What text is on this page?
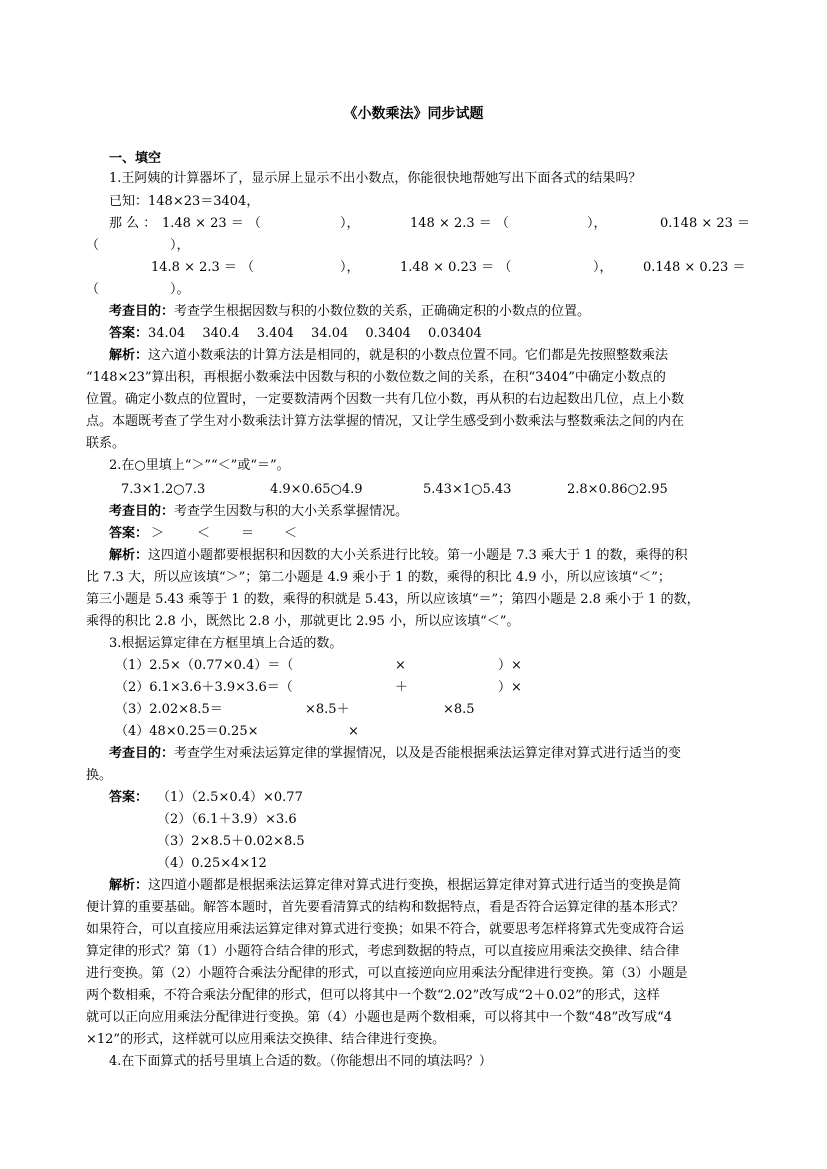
《小数乘法》同步试题
一、填空
1.王阿姨的计算器坏了，显示屏上显示不出小数点，你能很快地帮她写出下面各式的结果吗？
已知：148×23＝3404，
那 么 ： 1.48 × 23 ＝ （	），	148 × 2.3 ＝ （	），	0.148 × 23 ＝
（	），
14.8 × 2.3 ＝ （	），	1.48 × 0.23 ＝ （	）， 0.148 × 0.23 ＝
（	）。
考查目的：考查学生根据因数与积的小数位数的关系，正确确定积的小数点的位置。
答案：34.04　 340.4　 3.404　 34.04　 0.3404　 0.03404
解析：这六道小数乘法的计算方法是相同的，就是积的小数点位置不同。它们都是先按照整数乘法
“148×23”算出积，再根据小数乘法中因数与积的小数位数之间的关系，在积“3404”中确定小数点的
位置。确定小数点的位置时，一定要数清两个因数一共有几位小数，再从积的右边起数出几位，点上小数
点。本题既考查了学生对小数乘法计算方法掌握的情况，又让学生感受到小数乘法与整数乘法之间的内在
联系。
2.在○里填上“＞”“＜”或“＝”。
7.3×1.2○7.3	4.9×0.65○4.9	5.43×1○5.43	2.8×0.86○2.95
考查目的：考查学生因数与积的大小关系掌握情况。
答案： ＞	＜ ＝ ＜
解析：这四道小题都要根据积和因数的大小关系进行比较。第一小题是 7.3 乘大于 1 的数，乘得的积
比 7.3 大，所以应该填“＞”；第二小题是 4.9 乘小于 1 的数，乘得的积比 4.9 小，所以应该填“＜”；
第三小题是 5.43 乘等于 1 的数，乘得的积就是 5.43，所以应该填“＝”；第四小题是 2.8 乘小于 1 的数，
乘得的积比 2.8 小，既然比 2.8 小，那就更比 2.95 小，所以应该填“＜”。
3.根据运算定律在方框里填上合适的数。
（1）2.5×（0.77×0.4）＝（	×	）×
（2）6.1×3.6＋3.9×3.6＝（	＋	）×
（3）2.02×8.5＝	×8.5＋	×8.5
（4）48×0.25＝0.25×	×
考查目的：考查学生对乘法运算定律的掌握情况，以及是否能根据乘法运算定律对算式进行适当的变
换。
答案： （1）（2.5×0.4）×0.77
（2）（6.1＋3.9）×3.6
（3）2×8.5＋0.02×8.5
（4）0.25×4×12
解析：这四道小题都是根据乘法运算定律对算式进行变换，根据运算定律对算式进行适当的变换是简
便计算的重要基础。解答本题时，首先要看清算式的结构和数据特点，看是否符合运算定律的基本形式？
如果符合，可以直接应用乘法运算定律对算式进行变换；如果不符合，就要思考怎样将算式先变成符合运
算定律的形式？第（1）小题符合结合律的形式，考虑到数据的特点，可以直接应用乘法交换律、结合律
进行变换。第（2）小题符合乘法分配律的形式，可以直接逆向应用乘法分配律进行变换。第（3）小题是
两个数相乘，不符合乘法分配律的形式，但可以将其中一个数“2.02”改写成“2＋0.02”的形式，这样
就可以正向应用乘法分配律进行变换。第（4）小题也是两个数相乘，可以将其中一个数“48”改写成“4
×12”的形式，这样就可以应用乘法交换律、结合律进行变换。
4.在下面算式的括号里填上合适的数。（你能想出不同的填法吗？）
